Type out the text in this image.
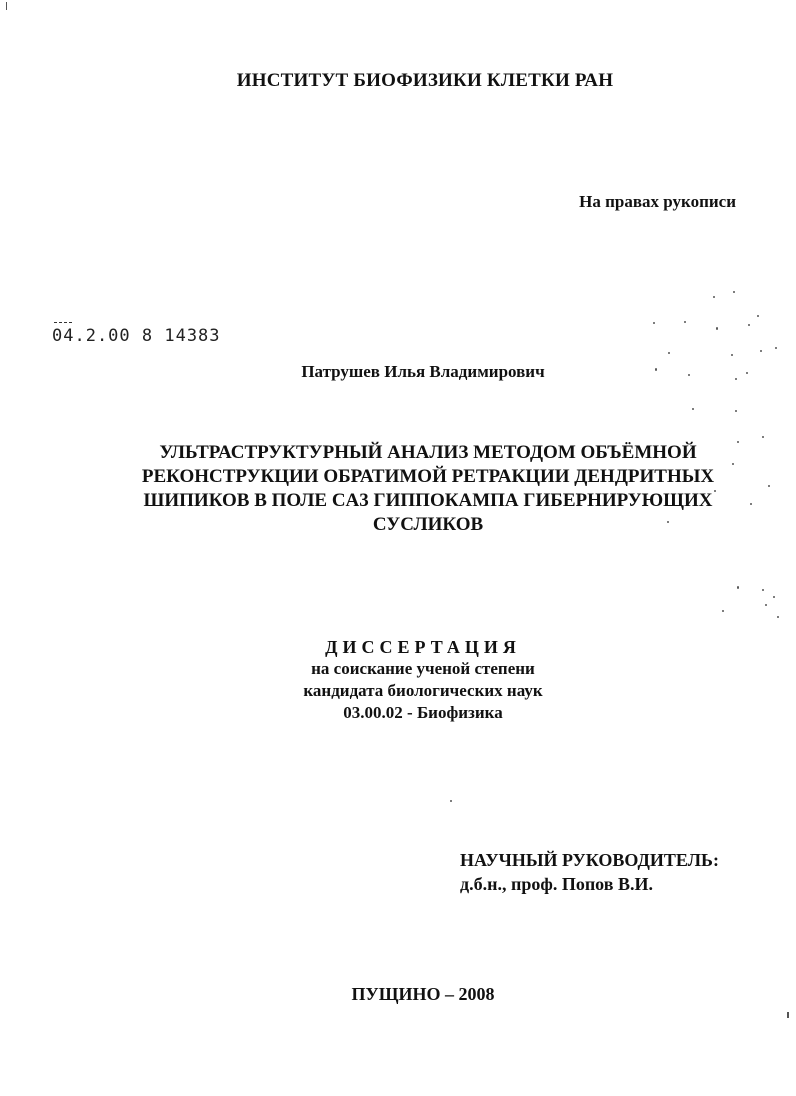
ИНСТИТУТ БИОФИЗИКИ КЛЕТКИ РАН
На правах рукописи
04.2.00 8 14383
Патрушев Илья Владимирович
УЛЬТРАСТРУКТУРНЫЙ АНАЛИЗ МЕТОДОМ ОБЪЁМНОЙ
РЕКОНСТРУКЦИИ ОБРАТИМОЙ РЕТРАКЦИИ ДЕНДРИТНЫХ
ШИПИКОВ В ПОЛЕ CA3 ГИППОКАМПА ГИБЕРНИРУЮЩИХ
СУСЛИКОВ
ДИССЕРТАЦИЯ
на соискание ученой степени
кандидата биологических наук
03.00.02 - Биофизика
НАУЧНЫЙ РУКОВОДИТЕЛЬ:
д.б.н., проф. Попов В.И.
ПУЩИНО – 2008
